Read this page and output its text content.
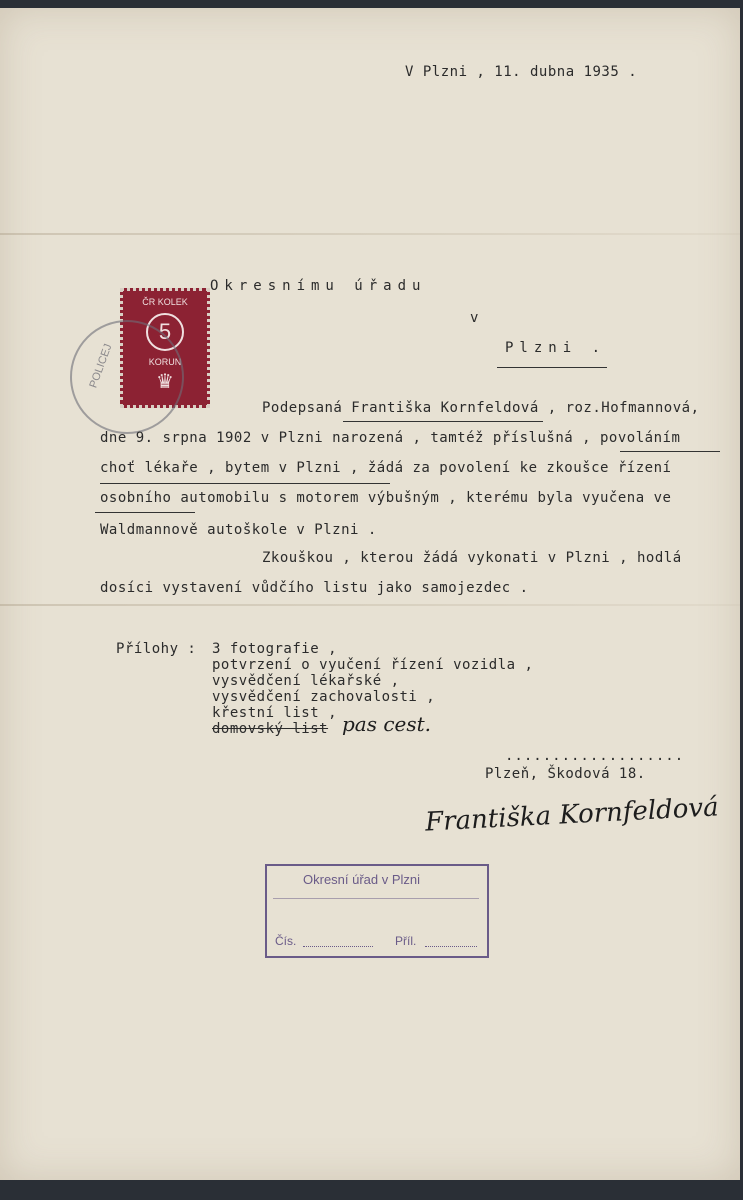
V Plzni , 11. dubna 1935 .
Okresnímu úřadu
v
Plzni .
ČR KOLEK
5
KORUN
♛
POLICEJ
Podepsaná Františka Kornfeldová , roz.Hofmannová,
dne 9. srpna 1902 v Plzni narozená , tamtéž příslušná , povoláním
choť lékaře , bytem v Plzni , žádá za povolení ke zkoušce řízení
osobního automobilu s motorem výbušným , kterému byla vyučena ve
Waldmannově autoškole v Plzni .
Zkouškou , kterou žádá vykonati v Plzni , hodlá
dosíci vystavení vůdčího listu jako samojezdec .
Přílohy : 3 fotografie ,
potvrzení o vyučení řízení vozidla ,
vysvědčení lékařské ,
vysvědčení zachovalosti ,
křestní list ,
domovský list pas cest.
...................
Plzeň, Škodová 18.
Františka Kornfeldová
Okresní úřad v Plzni
Čís.	Příl.
